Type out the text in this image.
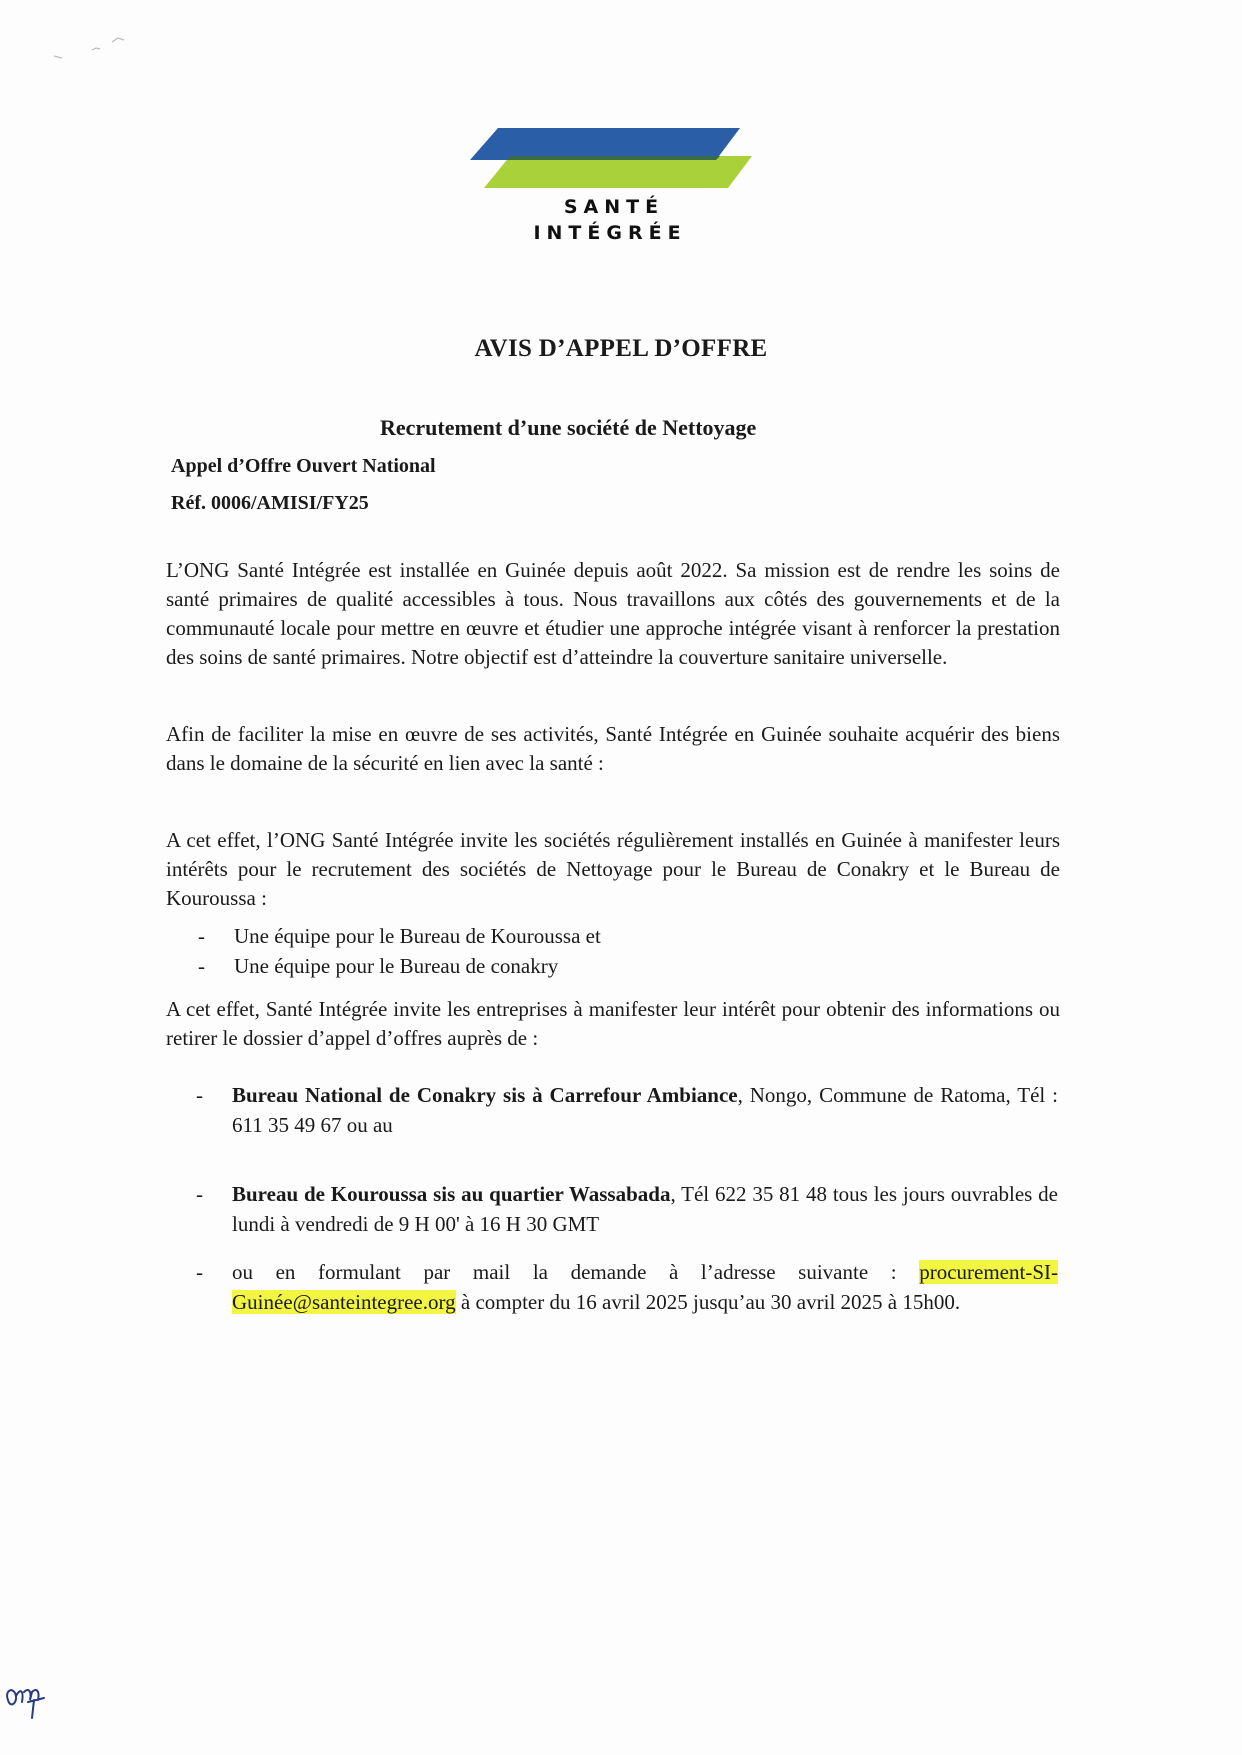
SANTÉ
INTÉGRÉE
AVIS D’APPEL D’OFFRE
Recrutement d’une société de Nettoyage
Appel d’Offre Ouvert National
Réf. 0006/AMISI/FY25

L’ONG Santé Intégrée est installée en Guinée depuis août 2022. Sa mission est de rendre les soins de santé primaires de qualité accessibles à tous. Nous travaillons aux côtés des gouvernements et de la communauté locale pour mettre en œuvre et étudier une approche intégrée visant à renforcer la prestation des soins de santé primaires. Notre objectif est d’atteindre la couverture sanitaire universelle.

Afin de faciliter la mise en œuvre de ses activités, Santé Intégrée en Guinée souhaite acquérir des biens dans le domaine de la sécurité en lien avec la santé :

A cet effet, l’ONG Santé Intégrée invite les sociétés régulièrement installés en Guinée à manifester leurs intérêts pour le recrutement des sociétés de Nettoyage pour le Bureau de Conakry et le Bureau de Kouroussa :

- Une équipe pour le Bureau de Kouroussa et
- Une équipe pour le Bureau de conakry

A cet effet, Santé Intégrée invite les entreprises à manifester leur intérêt pour obtenir des informations ou retirer le dossier d’appel d’offres auprès de :

-	Bureau National de Conakry sis à Carrefour Ambiance, Nongo, Commune de Ratoma, Tél : 611 35 49 67 ou au
-	Bureau de Kouroussa sis au quartier Wassabada, Tél 622 35 81 48 tous les jours ouvrables de lundi à vendredi de 9 H 00' à 16 H 30 GMT
-	ou en formulant par mail la demande à l’adresse suivante : procurement-SI-Guinée@santeintegree.org à compter du 16 avril 2025 jusqu’au 30 avril 2025 à 15h00.
